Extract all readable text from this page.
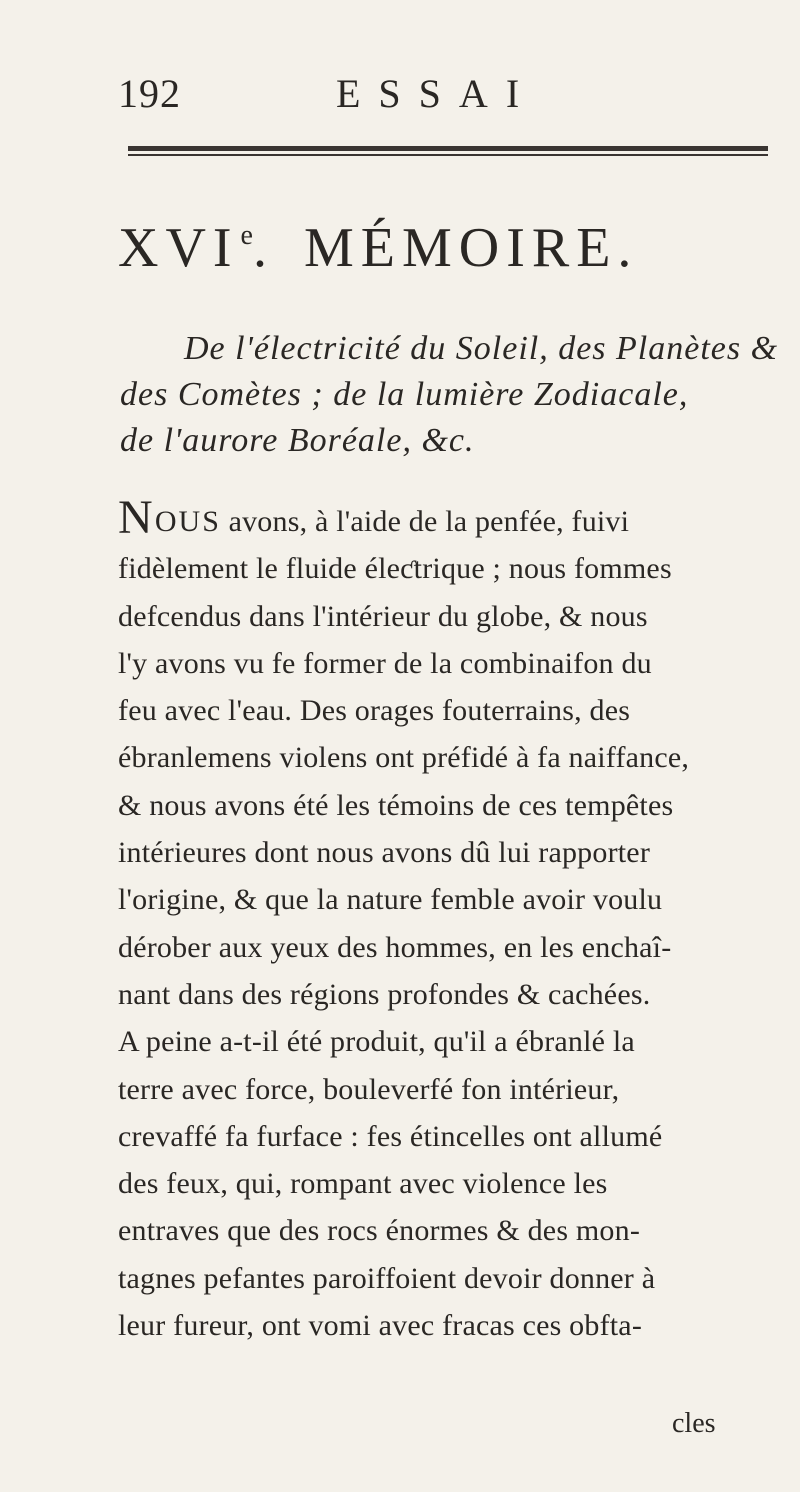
192	ESSAI
XVIe. MÉMOIRE.
De l'électricité du Soleil, des Planètes &
des Comètes ; de la lumière Zodiacale,
de l'aurore Boréale, &c.
NOUS avons, à l'aide de la penfée, fuivi
fidèlement le fluide éleƈtrique ; nous fommes
defcendus dans l'intérieur du globe, & nous
l'y avons vu fe former de la combinaifon du
feu avec l'eau. Des orages fouterrains, des
ébranlemens violens ont préfidé à fa naiffance,
& nous avons été les témoins de ces tempêtes
intérieures dont nous avons dû lui rapporter
l'origine, & que la nature femble avoir voulu
dérober aux yeux des hommes, en les enchaî-
nant dans des régions profondes & cachées.
A peine a-t-il été produit, qu'il a ébranlé la
terre avec force, bouleverfé fon intérieur,
crevaffé fa furface : fes étincelles ont allumé
des feux, qui, rompant avec violence les
entraves que des rocs énormes & des mon-
tagnes pefantes paroiffoient devoir donner à
leur fureur, ont vomi avec fracas ces obfta-
cles
